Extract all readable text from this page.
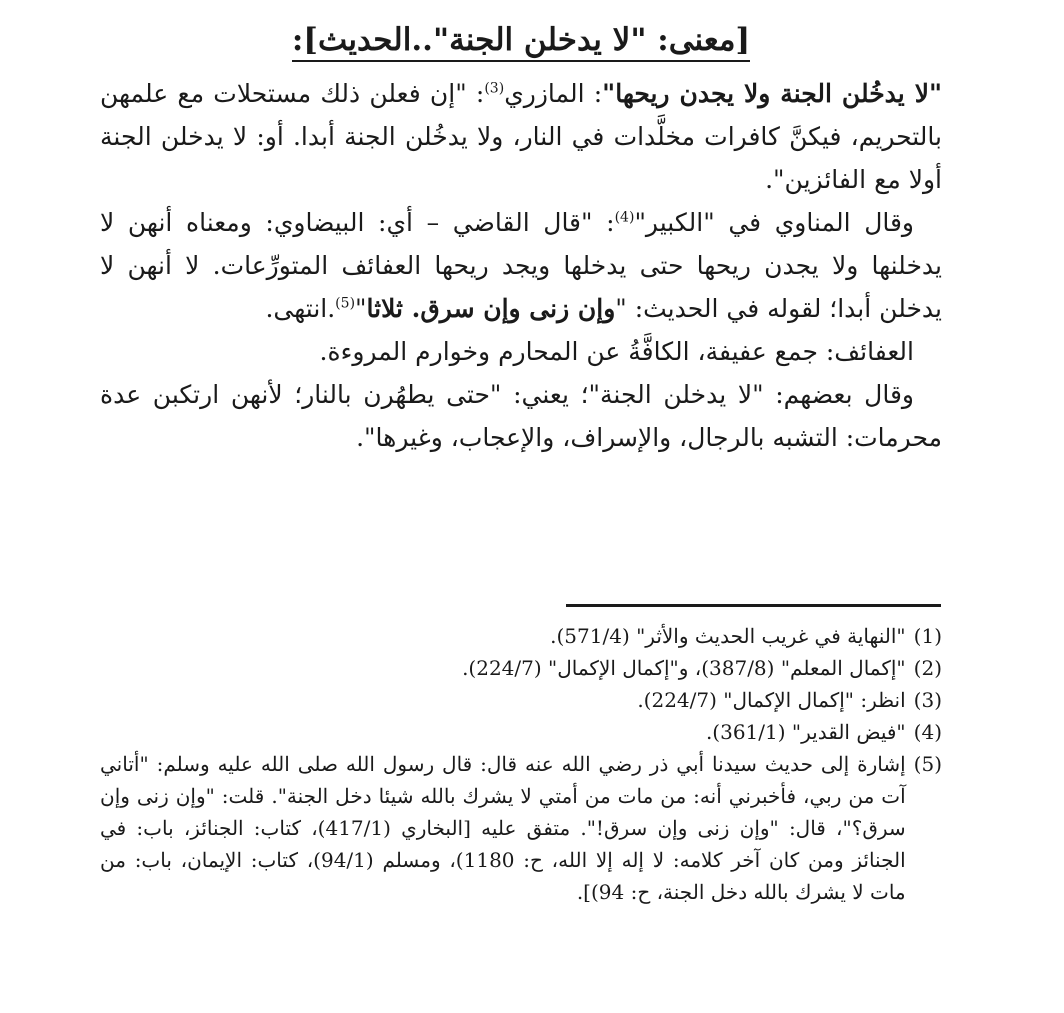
[معنى: "لا يدخلن الجنة"..الحديث]:

"لا يدخُلن الجنة ولا يجدن ريحها": المازري$^{(3)}$: "إن فعلن ذلك مستحلات مع علمهن بالتحريم، فيكنَّ كافرات مخلَّدات في النار، ولا يدخُلن الجنة أبدا. أو: لا يدخلن الجنة أولا مع الفائزين".

وقال المناوي في "الكبير"$^{(4)}$: "قال القاضي – أي: البيضاوي: ومعناه أنهن لا يدخلنها ولا يجدن ريحها حتى يدخلها ويجد ريحها العفائف المتورِّعات. لا أنهن لا يدخلن أبدا؛ لقوله في الحديث: "وإن زنى وإن سرق. ثلاثا"$^{(5)}$.انتهى.

العفائف: جمع عفيفة، الكافَّةُ عن المحارم وخوارم المروءة.

وقال بعضهم: "لا يدخلن الجنة"؛ يعني: "حتى يطهُرن بالنار؛ لأنهن ارتكبن عدة محرمات: التشبه بالرجال، والإسراف، والإعجاب، وغيرها".

(1)
"النهاية في غريب الحديث والأثر" (571/4).

(2)
"إكمال المعلم" (387/8)، و"إكمال الإكمال" (224/7).

(3)
انظر: "إكمال الإكمال" (224/7).

(4)
"فيض القدير" (361/1).

(5)
إشارة إلى حديث سيدنا أبي ذر رضي الله عنه قال: قال رسول الله صلى الله عليه وسلم: "أتاني آت من ربي، فأخبرني أنه: من مات من أمتي لا يشرك بالله شيئا دخل الجنة". قلت: "وإن زنى وإن سرق؟"، قال: "وإن زنى وإن سرق!". متفق عليه [البخاري (417/1)، كتاب: الجنائز، باب: في الجنائز ومن كان آخر كلامه: لا إله إلا الله، ح: 1180)، ومسلم (94/1)، كتاب: الإيمان، باب: من مات لا يشرك بالله دخل الجنة، ح: 94)].
